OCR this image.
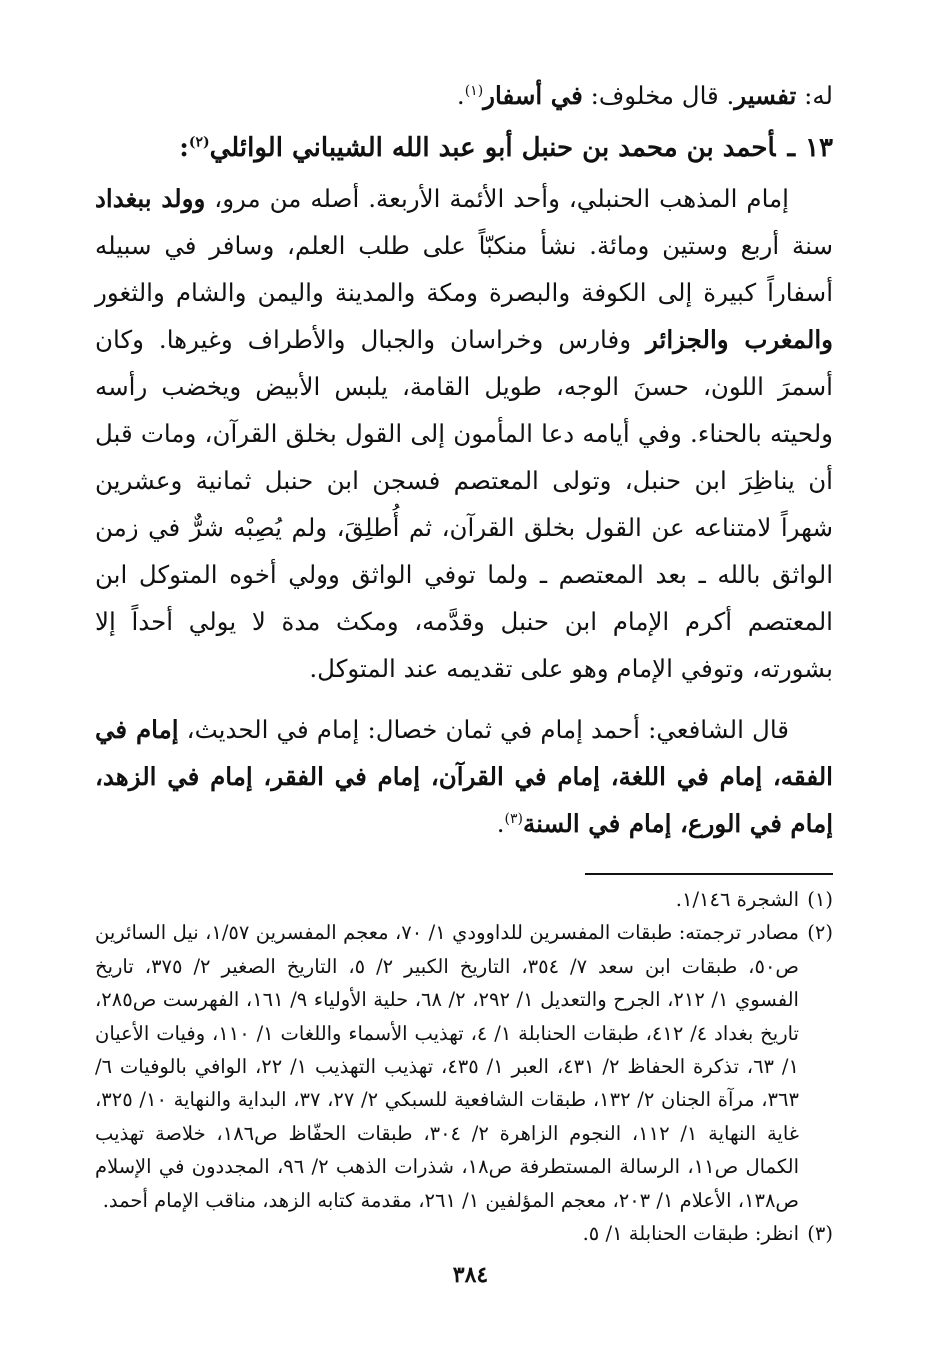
له: تفسير. قال مخلوف: في أسفار$^{(١)}$.

١٣ـأحمد بن محمد بن حنبل أبو عبد الله الشيباني الوائلي$^{(٢)}$:

إمام المذهب الحنبلي، وأحد الأئمة الأربعة. أصله من مرو، وولد ببغداد سنة أربع وستين ومائة. نشأ منكبّاً على طلب العلم، وسافر في سبيله أسفاراً كبيرة إلى الكوفة والبصرة ومكة والمدينة واليمن والشام والثغور والمغرب والجزائر وفارس وخراسان والجبال والأطراف وغيرها. وكان أسمرَ اللون، حسنَ الوجه، طويل القامة، يلبس الأبيض ويخضب رأسه ولحيته بالحناء. وفي أيامه دعا المأمون إلى القول بخلق القرآن، ومات قبل أن يناظِرَ ابن حنبل، وتولى المعتصم فسجن ابن حنبل ثمانية وعشرين شهراً لامتناعه عن القول بخلق القرآن، ثم أُطلِقَ، ولم يُصِبْه شرٌّ في زمن الواثق بالله ـ بعد المعتصم ـ ولما توفي الواثق وولي أخوه المتوكل ابن المعتصم أكرم الإمام ابن حنبل وقدَّمه، ومكث مدة لا يولي أحداً إلا بشورته، وتوفي الإمام وهو على تقديمه عند المتوكل.

قال الشافعي: أحمد إمام في ثمان خصال: إمام في الحديث، إمام في الفقه، إمام في اللغة، إمام في القرآن، إمام في الفقر، إمام في الزهد، إمام في الورع، إمام في السنة$^{(٣)}$.

(١)
الشجرة ١/١٤٦.
(٢)
مصادر ترجمته: طبقات المفسرين للداوودي ١/ ٧٠، معجم المفسرين ١/٥٧، نيل السائرين ص٥٠، طبقات ابن سعد ٧/ ٣٥٤، التاريخ الكبير ٢/ ٥، التاريخ الصغير ٢/ ٣٧٥، تاريخ الفسوي ١/ ٢١٢، الجرح والتعديل ١/ ٢٩٢، ٢/ ٦٨، حلية الأولياء ٩/ ١٦١، الفهرست ص٢٨٥، تاريخ بغداد ٤/ ٤١٢، طبقات الحنابلة ١/ ٤، تهذيب الأسماء واللغات ١/ ١١٠، وفيات الأعيان ١/ ٦٣، تذكرة الحفاظ ٢/ ٤٣١، العبر ١/ ٤٣٥، تهذيب التهذيب ١/ ٢٢، الوافي بالوفيات ٦/ ٣٦٣، مرآة الجنان ٢/ ١٣٢، طبقات الشافعية للسبكي ٢/ ٢٧، ٣٧، البداية والنهاية ١٠/ ٣٢٥، غاية النهاية ١/ ١١٢، النجوم الزاهرة ٢/ ٣٠٤، طبقات الحفّاظ ص١٨٦، خلاصة تهذيب الكمال ص١١، الرسالة المستطرفة ص١٨، شذرات الذهب ٢/ ٩٦، المجددون في الإسلام ص١٣٨، الأعلام ١/ ٢٠٣، معجم المؤلفين ١/ ٢٦١، مقدمة كتابه الزهد، مناقب الإمام أحمد.
(٣)
انظر: طبقات الحنابلة ١/ ٥.
٣٨٤
